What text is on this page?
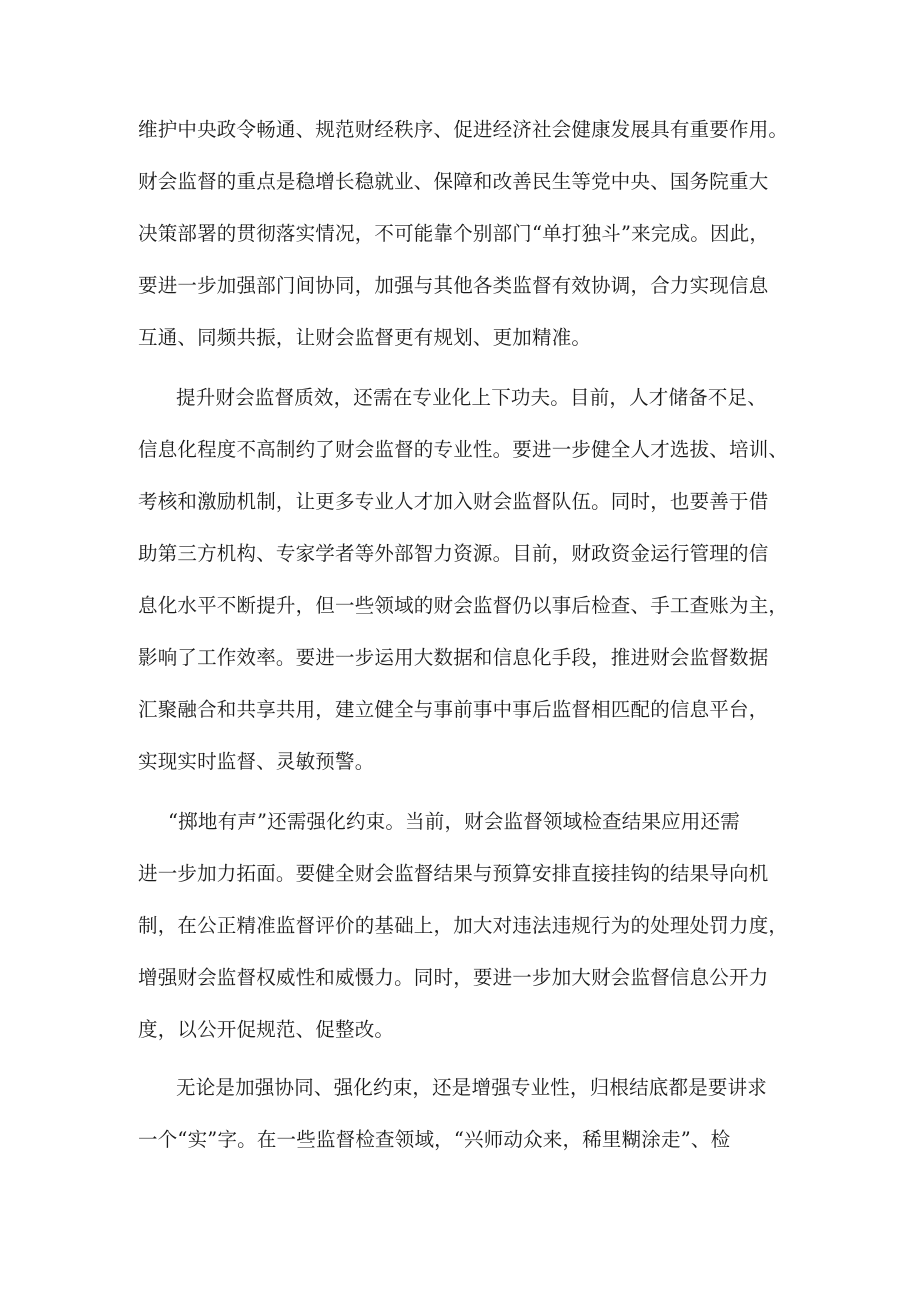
维护中央政令畅通、规范财经秩序、促进经济社会健康发展具有重要作用。
财会监督的重点是稳增长稳就业、保障和改善民生等党中央、国务院重大
决策部署的贯彻落实情况，不可能靠个别部门“单打独斗”来完成。因此，
要进一步加强部门间协同，加强与其他各类监督有效协调，合力实现信息
互通、同频共振，让财会监督更有规划、更加精准。
提升财会监督质效，还需在专业化上下功夫。目前，人才储备不足、
信息化程度不高制约了财会监督的专业性。要进一步健全人才选拔、培训、
考核和激励机制，让更多专业人才加入财会监督队伍。同时，也要善于借
助第三方机构、专家学者等外部智力资源。目前，财政资金运行管理的信
息化水平不断提升，但一些领域的财会监督仍以事后检查、手工查账为主，
影响了工作效率。要进一步运用大数据和信息化手段，推进财会监督数据
汇聚融合和共享共用，建立健全与事前事中事后监督相匹配的信息平台，
实现实时监督、灵敏预警。
“掷地有声”还需强化约束。当前，财会监督领域检查结果应用还需
进一步加力拓面。要健全财会监督结果与预算安排直接挂钩的结果导向机
制，在公正精准监督评价的基础上，加大对违法违规行为的处理处罚力度，
增强财会监督权威性和威慑力。同时，要进一步加大财会监督信息公开力
度，以公开促规范、促整改。
无论是加强协同、强化约束，还是增强专业性，归根结底都是要讲求
一个“实”字。在一些监督检查领域，“兴师动众来，稀里糊涂走”、检
